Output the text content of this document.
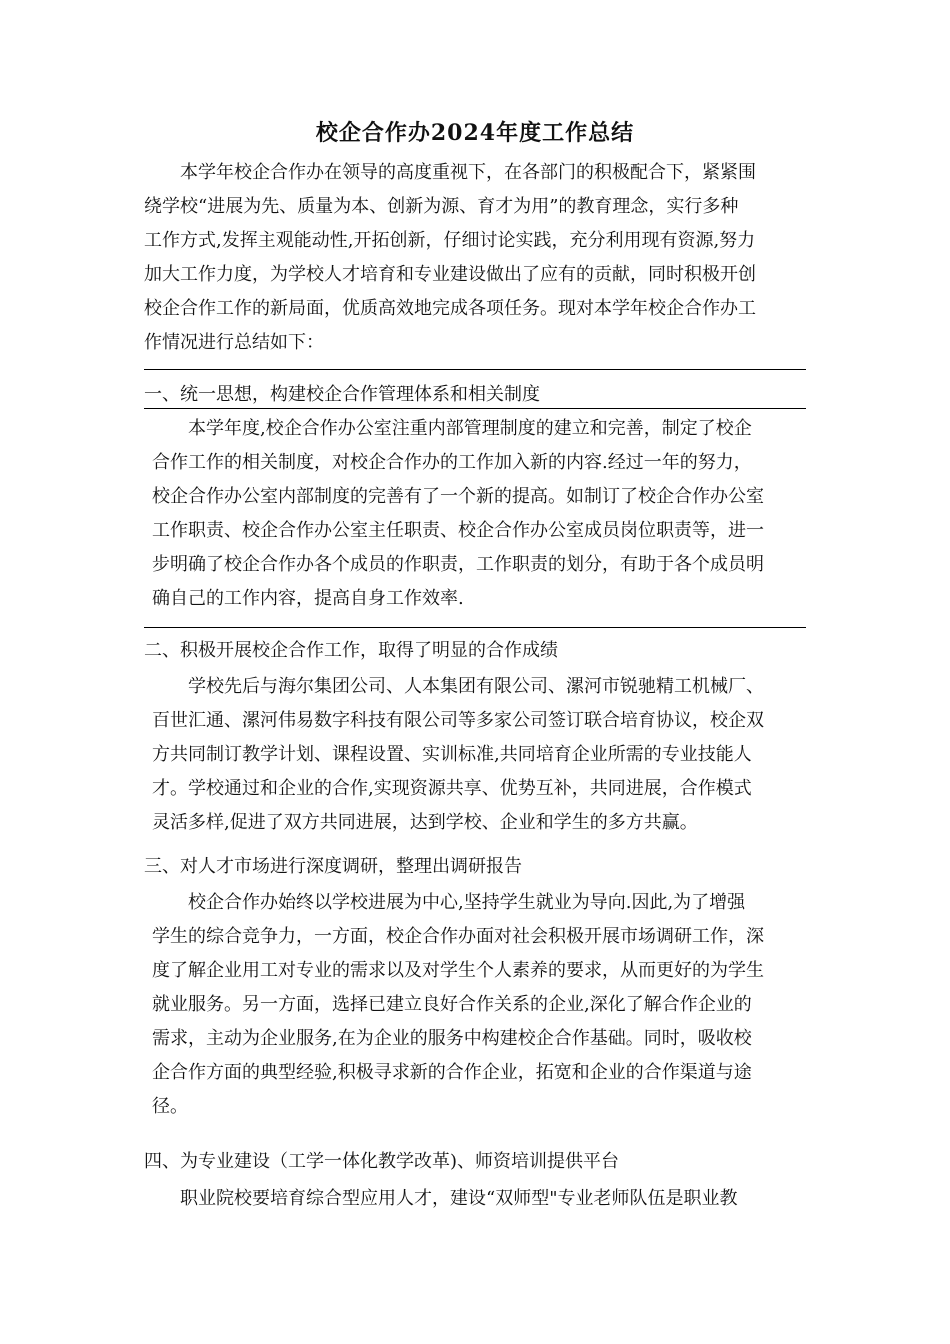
校企合作办2024年度工作总结
本学年校企合作办在领导的高度重视下，在各部门的积极配合下，紧紧围
绕学校“进展为先、质量为本、创新为源、育才为用”的教育理念，实行多种
工作方式,发挥主观能动性,开拓创新，仔细讨论实践，充分利用现有资源,努力
加大工作力度，为学校人才培育和专业建设做出了应有的贡献，同时积极开创
校企合作工作的新局面，优质高效地完成各项任务。现对本学年校企合作办工
作情况进行总结如下：
一、统一思想，构建校企合作管理体系和相关制度
本学年度,校企合作办公室注重内部管理制度的建立和完善，制定了校企
合作工作的相关制度，对校企合作办的工作加入新的内容.经过一年的努力，
校企合作办公室内部制度的完善有了一个新的提高。如制订了校企合作办公室
工作职责、校企合作办公室主任职责、校企合作办公室成员岗位职责等，进一
步明确了校企合作办各个成员的作职责，工作职责的划分，有助于各个成员明
确自己的工作内容，提高自身工作效率.
二、积极开展校企合作工作，取得了明显的合作成绩
学校先后与海尔集团公司、人本集团有限公司、漯河市锐驰精工机械厂、
百世汇通、漯河伟易数字科技有限公司等多家公司签订联合培育协议，校企双
方共同制订教学计划、课程设置、实训标准,共同培育企业所需的专业技能人
才。学校通过和企业的合作,实现资源共享、优势互补，共同进展，合作模式
灵活多样,促进了双方共同进展，达到学校、企业和学生的多方共赢。
三、对人才市场进行深度调研，整理出调研报告
校企合作办始终以学校进展为中心,坚持学生就业为导向.因此,为了增强
学生的综合竞争力，一方面，校企合作办面对社会积极开展市场调研工作，深
度了解企业用工对专业的需求以及对学生个人素养的要求，从而更好的为学生
就业服务。另一方面，选择已建立良好合作关系的企业,深化了解合作企业的
需求，主动为企业服务,在为企业的服务中构建校企合作基础。同时，吸收校
企合作方面的典型经验,积极寻求新的合作企业，拓宽和企业的合作渠道与途
径。
四、为专业建设（工学一体化教学改革)、师资培训提供平台
职业院校要培育综合型应用人才，建设“双师型"专业老师队伍是职业教
